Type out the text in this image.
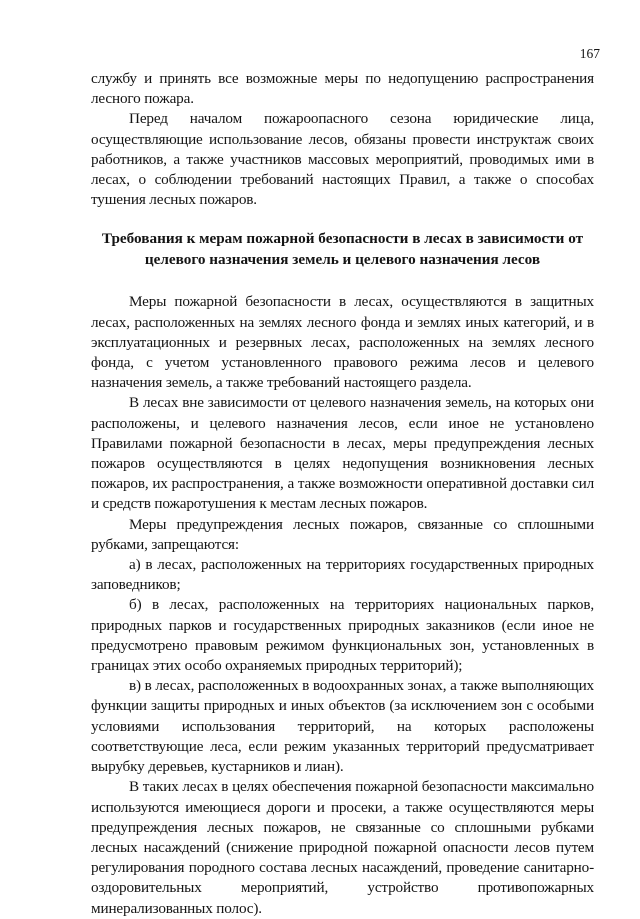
167

службу и принять все возможные меры по недопущению распространения лесного пожара.

Перед началом пожароопасного сезона юридические лица, осуществляющие использование лесов, обязаны провести инструктаж своих работников, а также участников массовых мероприятий, проводимых ими в лесах, о соблюдении требований настоящих Правил, а также о способах тушения лесных пожаров.

Требования к мерам пожарной безопасности в лесах в зависимости от целевого назначения земель и целевого назначения лесов

Меры пожарной безопасности в лесах, осуществляются в защитных лесах, расположенных на землях лесного фонда и землях иных категорий, и в эксплуатационных и резервных лесах, расположенных на землях лесного фонда, с учетом установленного правового режима лесов и целевого назначения земель, а также требований настоящего раздела.

В лесах вне зависимости от целевого назначения земель, на которых они расположены, и целевого назначения лесов, если иное не установлено Правилами пожарной безопасности в лесах, меры предупреждения лесных пожаров осуществляются в целях недопущения возникновения лесных пожаров, их распространения, а также возможности оперативной доставки сил и средств пожаротушения к местам лесных пожаров.

Меры предупреждения лесных пожаров, связанные со сплошными рубками, запрещаются:

а) в лесах, расположенных на территориях государственных природных заповедников;

б) в лесах, расположенных на территориях национальных парков, природных парков и государственных природных заказников (если иное не предусмотрено правовым режимом функциональных зон, установленных в границах этих особо охраняемых природных территорий);

в) в лесах, расположенных в водоохранных зонах, а также выполняющих функции защиты природных и иных объектов (за исключением зон с особыми условиями использования территорий, на которых расположены соответствующие леса, если режим указанных территорий предусматривает вырубку деревьев, кустарников и лиан).

В таких лесах в целях обеспечения пожарной безопасности максимально используются имеющиеся дороги и просеки, а также осуществляются меры предупреждения лесных пожаров, не связанные со сплошными рубками лесных насаждений (снижение природной пожарной опасности лесов путем регулирования породного состава лесных насаждений, проведение санитарно-оздоровительных мероприятий, устройство противопожарных минерализованных полос).
